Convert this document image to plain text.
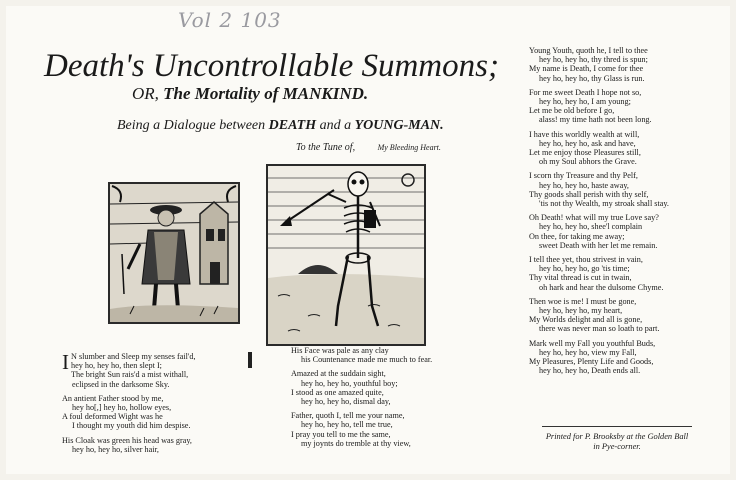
Vol 2 103
Death's Uncontrollable Summons;
OR, The Mortality of MANKIND.
Being a Dialogue between DEATH and a YOUNG-MAN.
To the Tune of,	My Bleeding Heart.

I N slumber and Sleep my senses fail'd,
hey ho, hey ho, then slept I;
The bright Sun rais'd a mist withall,
eclipsed in the darksome Sky.

An antient Father stood by me,
hey ho[,] hey ho, hollow eyes,
A foul deformed Wight was he
I thought my youth did him despise.

His Cloak was green his head was gray,
hey ho, hey ho, silver hair,

His Face was pale as any clay
his Countenance made me much to fear.

Amazed at the suddain sight,
hey ho, hey ho, youthful boy;
I stood as one amazed quite,
hey ho, hey ho, dismal day,

Father, quoth I, tell me your name,
hey ho, hey ho, tell me true,
I pray you tell to me the same,
my joynts do tremble at thy view,

Young Youth, quoth he, I tell to thee
hey ho, hey ho, thy thred is spun;
My name is Death, I come for thee
hey ho, hey ho, thy Glass is run.

For me sweet Death I hope not so,
hey ho, hey ho, I am young;
Let me be old before I go,
alass! my time hath not been long.

I have this worldly wealth at will,
hey ho, hey ho, ask and have,
Let me enjoy those Pleasures still,
oh my Soul abhors the Grave.

I scorn thy Treasure and thy Pelf,
hey ho, hey ho, haste away,
Thy goods shall perish with thy self,
'tis not thy Wealth, my stroak shall stay.

Oh Death! what will my true Love say?
hey ho, hey ho, shee'l complain
On thee, for taking me away;
sweet Death with her let me remain.

I tell thee yet, thou strivest in vain,
hey ho, hey ho, go 'tis time;
Thy vital thread is cut in twain,
oh hark and hear the dulsome Chyme.

Then woe is me! I must be gone,
hey ho, hey ho, my heart,
My Worlds delight and all is gone,
there was never man so loath to part.

Mark well my Fall you youthful Buds,
hey ho, hey ho, view my Fall,
My Pleasures, Plenty Life and Goods,
hey ho, hey ho, Death ends all.

Printed for P. Brooksby at the Golden Ball
in Pye-corner.
